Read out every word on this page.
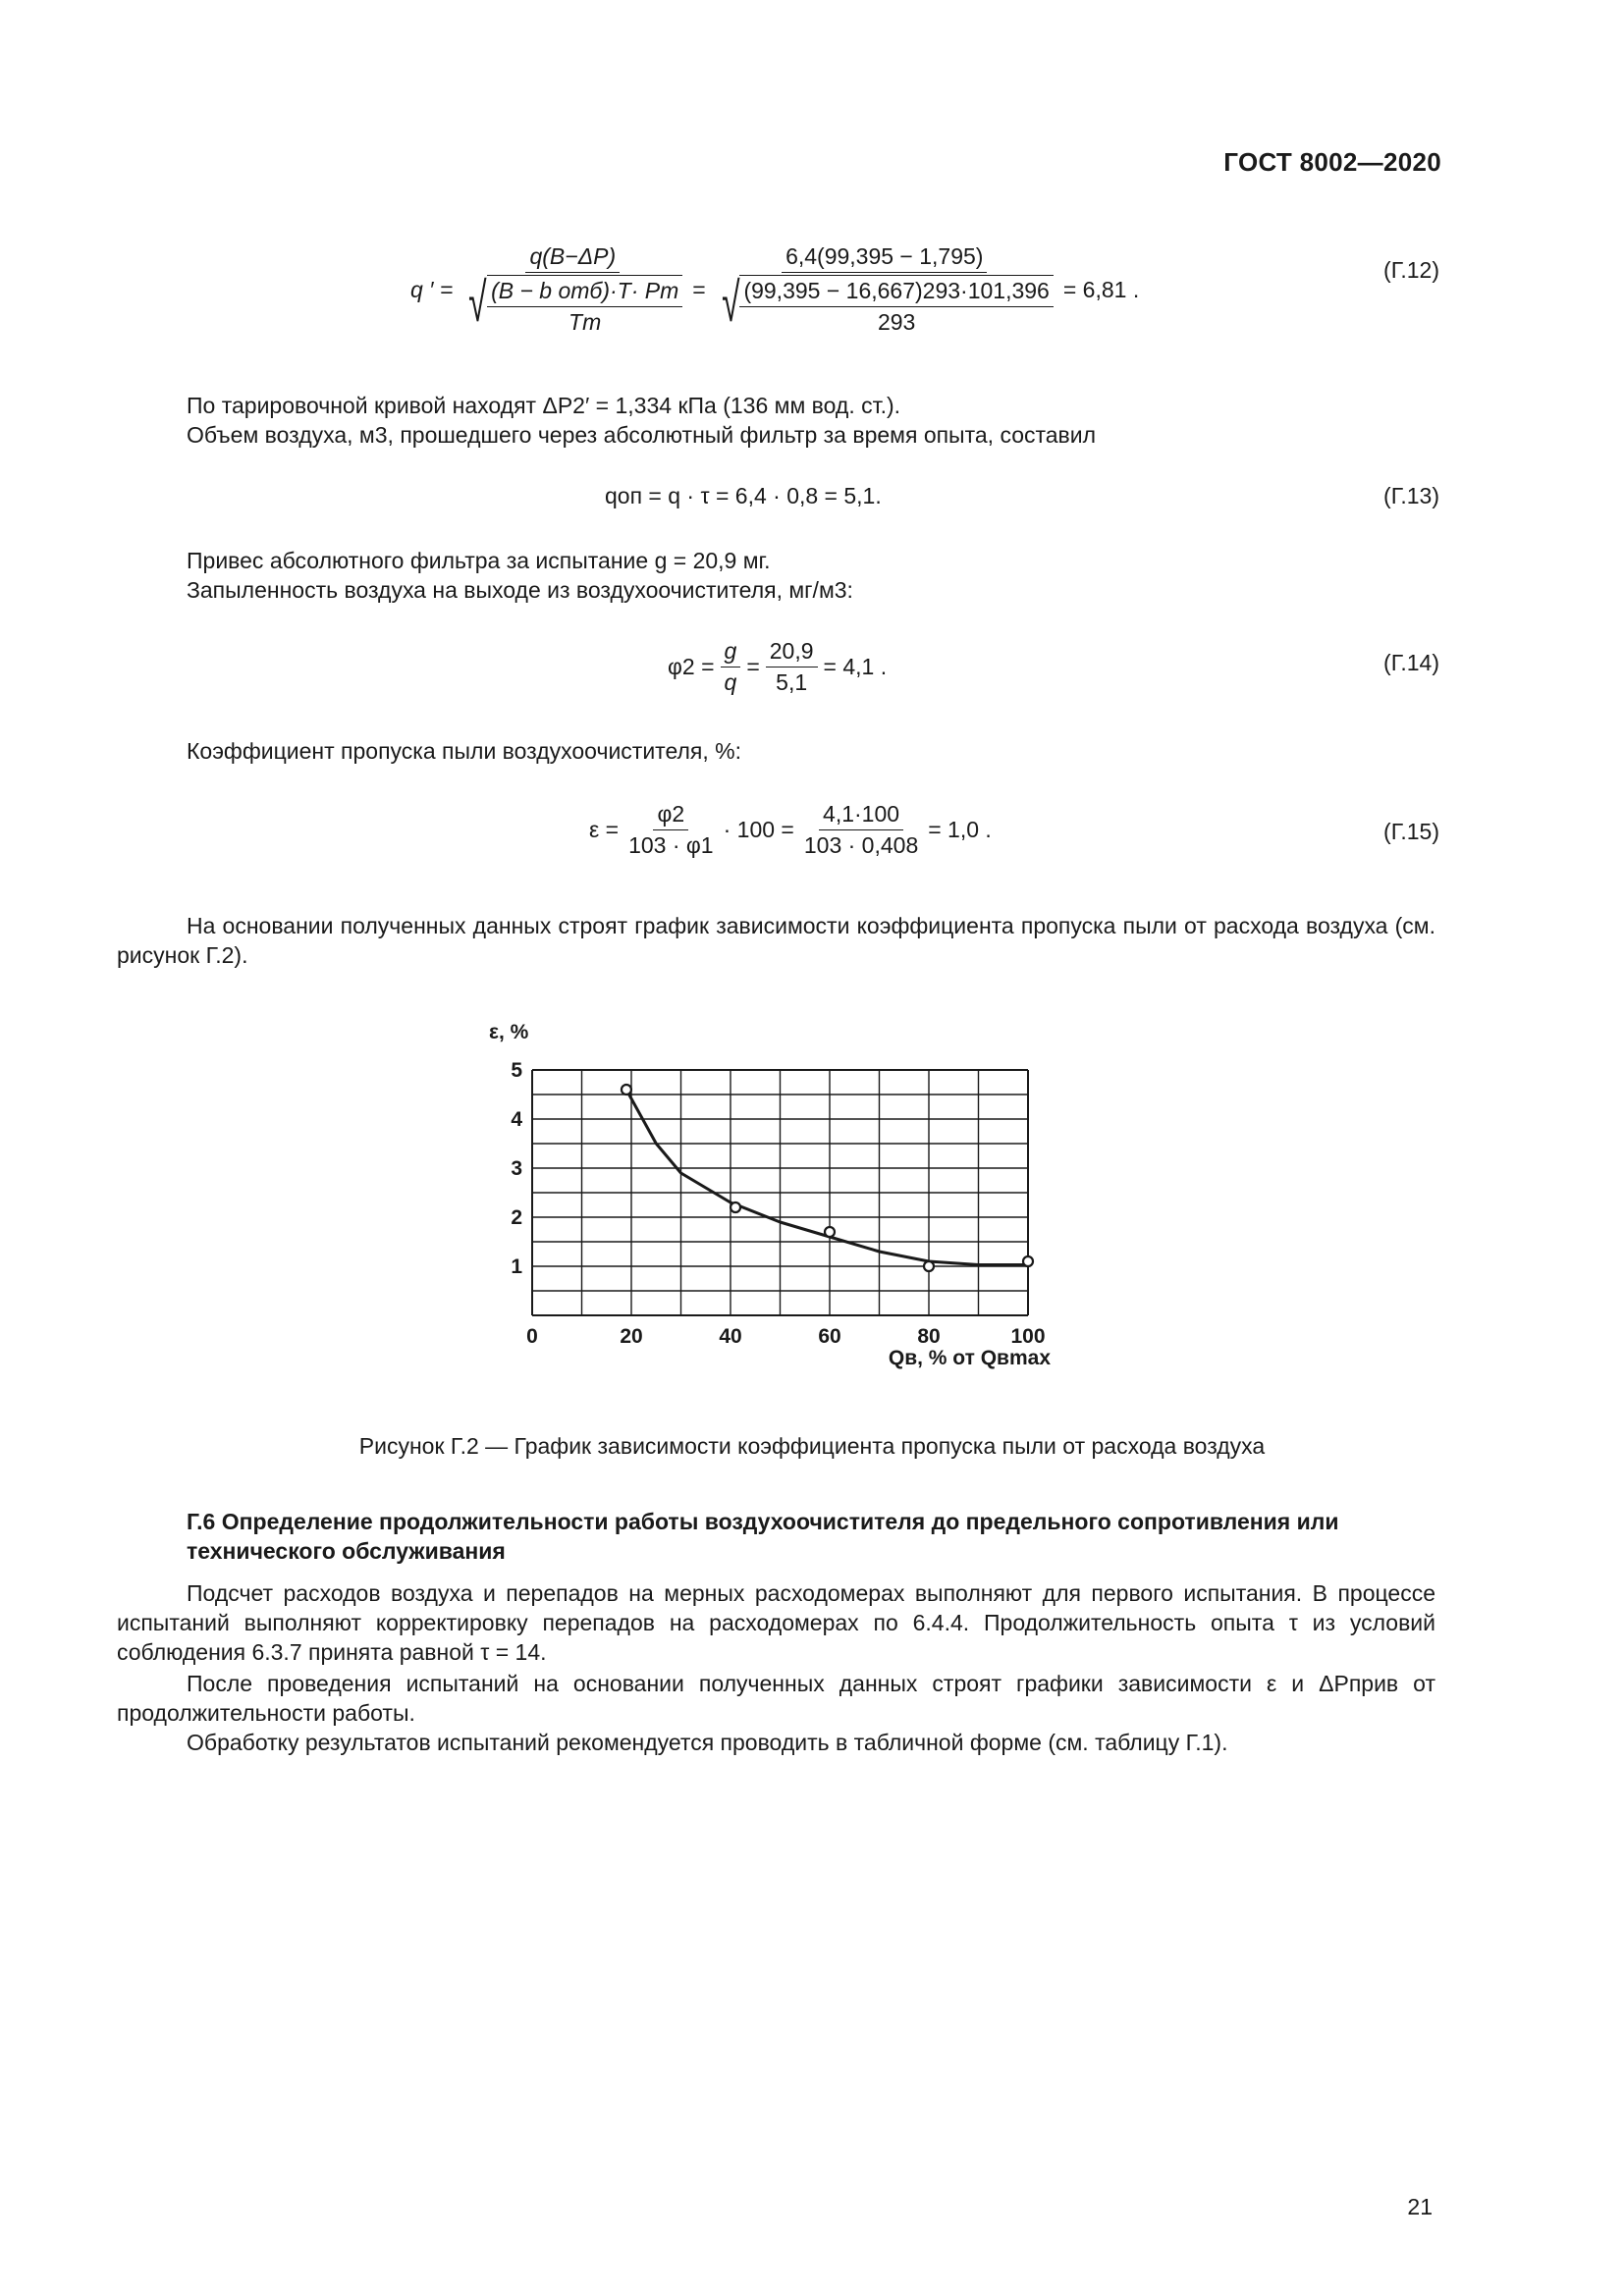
ГОСТ 8002—2020
q ′ = $\frac{q(B-\Delta P)}{√ \frac{\text{(B − b отб)·T· Pт}}{Tт}}$ =
6,4(99,395 − 1,795)
√ $\frac{(99,395 - 16,667)293\cdot 101,396}{293} = 6,81$ .
(Г.12)
По тарировочной кривой находят ΔP2′ = 1,334 кПа (136 мм вод. ст.).
Объем воздуха, м3, прошедшего через абсолютный фильтр за время опыта, составил
qоп = q · τ = 6,4 · 0,8 = 5,1.	(Г.13)
Привес абсолютного фильтра за испытание g = 20,9 мг.
Запыленность воздуха на выходе из воздухоочистителя, мг/м3:
$\varphi 2 = \frac{g}{q} = \frac{20,9}{5,1} = 4,1$ .	(Г.14)
Коэффициент пропуска пыли воздухоочистителя, %:
$\varepsilon = \frac{\varphi 2}{103 \cdot \varphi 1} \cdot 100 = \frac{4,1\cdot 100}{103 \cdot 0,408} = 1,0$ .	(Г.15)
На основании полученных данных строят график зависимости коэффициента пропуска пыли от расхода воздуха (см. рисунок Г.2).
0	20	40	60	80	100
1
2
3
4
5
ε, %
Qв, % от Qвmax
Рисунок Г.2 — График зависимости коэффициента пропуска пыли от расхода воздуха
Г.6 Определение продолжительности работы воздухоочистителя до предельного сопротивления или технического обслуживания
Подсчет расходов воздуха и перепадов на мерных расходомерах выполняют для первого испытания. В процессе испытаний выполняют корректировку перепадов на расходомерах по 6.4.4. Продолжительность опыта τ из условий соблюдения 6.3.7 принята равной τ = 14.
После проведения испытаний на основании полученных данных строят графики зависимости ε и ΔPприв от продолжительности работы.
Обработку результатов испытаний рекомендуется проводить в табличной форме (см. таблицу Г.1).
21
